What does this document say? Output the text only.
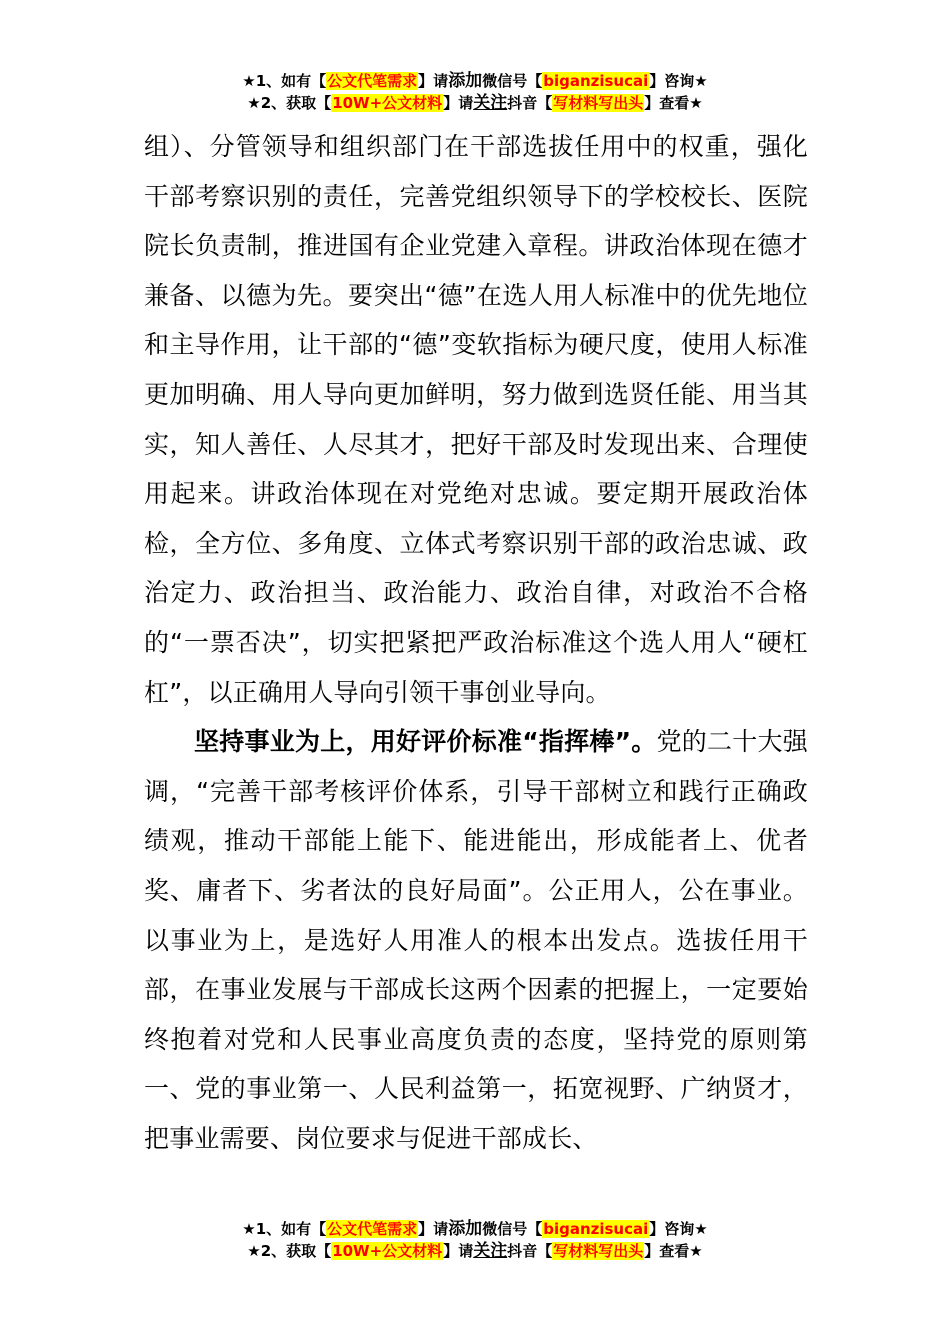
★1、如有【公文代笔需求】请添加微信号【biganzisucai】咨询★
★2、获取【10W+公文材料】请关注抖音【写材料写出头】查看★

组）、分管领导和组织部门在干部选拔任用中的权重，强化干部考察识别的责任，完善党组织领导下的学校校长、医院院长负责制，推进国有企业党建入章程。讲政治体现在德才兼备、以德为先。要突出“德”在选人用人标准中的优先地位和主导作用，让干部的“德”变软指标为硬尺度，使用人标准更加明确、用人导向更加鲜明，努力做到选贤任能、用当其实，知人善任、人尽其才，把好干部及时发现出来、合理使用起来。讲政治体现在对党绝对忠诚。要定期开展政治体检，全方位、多角度、立体式考察识别干部的政治忠诚、政治定力、政治担当、政治能力、政治自律，对政治不合格的“一票否决”，切实把紧把严政治标准这个选人用人“硬杠杠”，以正确用人导向引领干事创业导向。

坚持事业为上，用好评价标准“指挥棒”。党的二十大强调，“完善干部考核评价体系，引导干部树立和践行正确政绩观，推动干部能上能下、能进能出，形成能者上、优者奖、庸者下、劣者汰的良好局面”。公正用人，公在事业。以事业为上，是选好人用准人的根本出发点。选拔任用干部，在事业发展与干部成长这两个因素的把握上，一定要始终抱着对党和人民事业高度负责的态度，坚持党的原则第一、党的事业第一、人民利益第一，拓宽视野、广纳贤才，把事业需要、岗位要求与促进干部成长、

★1、如有【公文代笔需求】请添加微信号【biganzisucai】咨询★
★2、获取【10W+公文材料】请关注抖音【写材料写出头】查看★
